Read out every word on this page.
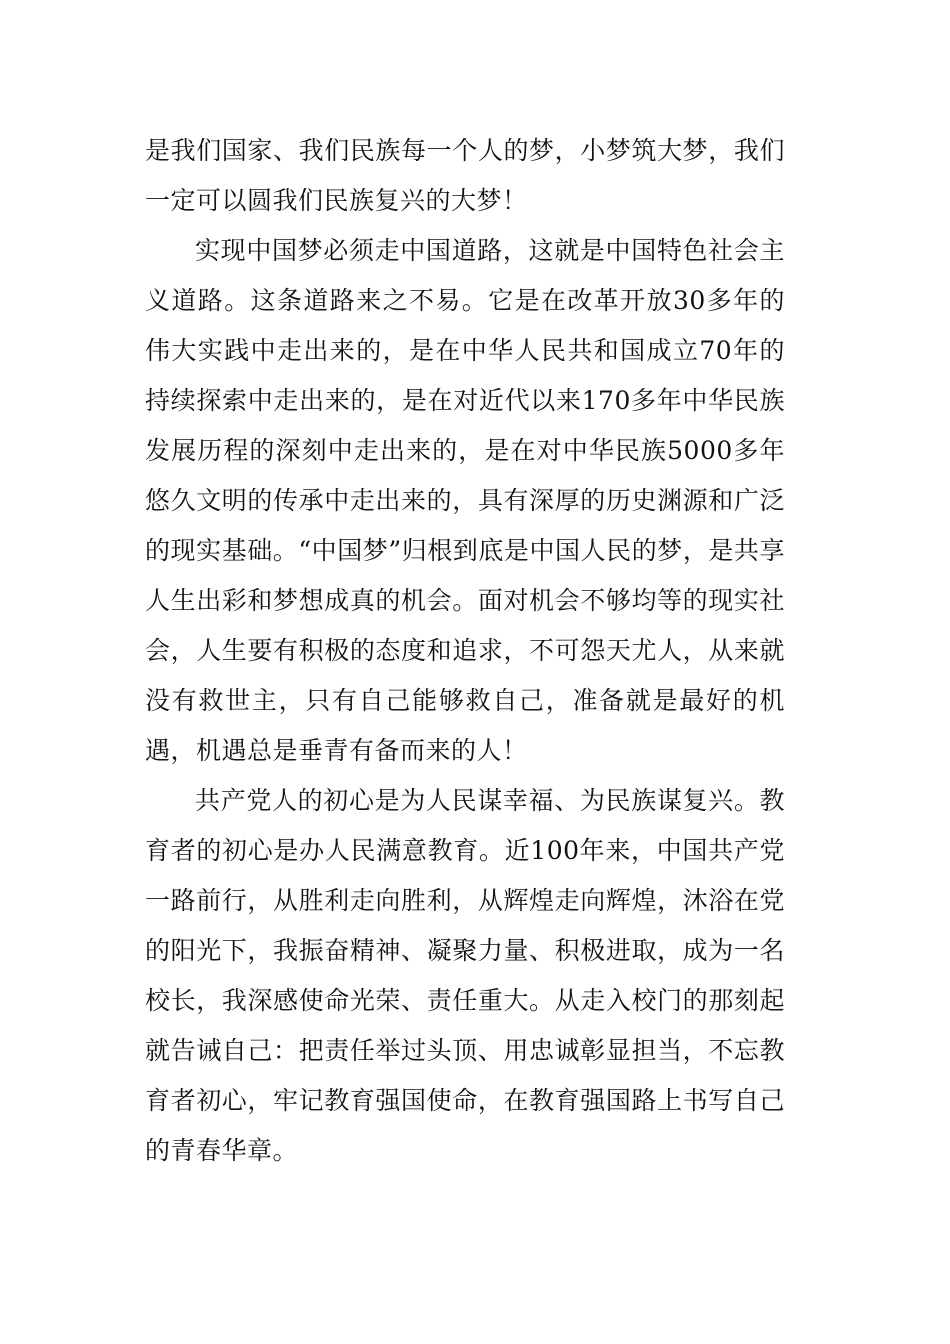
是我们国家、我们民族每一个人的梦，小梦筑大梦，我们一定可以圆我们民族复兴的大梦！

实现中国梦必须走中国道路，这就是中国特色社会主义道路。这条道路来之不易。它是在改革开放30多年的伟大实践中走出来的，是在中华人民共和国成立70年的持续探索中走出来的，是在对近代以来170多年中华民族发展历程的深刻中走出来的，是在对中华民族5000多年悠久文明的传承中走出来的，具有深厚的历史渊源和广泛的现实基础。“中国梦”归根到底是中国人民的梦，是共享人生出彩和梦想成真的机会。面对机会不够均等的现实社会，人生要有积极的态度和追求，不可怨天尤人，从来就没有救世主，只有自己能够救自己，准备就是最好的机遇，机遇总是垂青有备而来的人！

共产党人的初心是为人民谋幸福、为民族谋复兴。教育者的初心是办人民满意教育。近100年来，中国共产党一路前行，从胜利走向胜利，从辉煌走向辉煌，沐浴在党的阳光下，我振奋精神、凝聚力量、积极进取，成为一名校长，我深感使命光荣、责任重大。从走入校门的那刻起就告诫自己：把责任举过头顶、用忠诚彰显担当，不忘教育者初心，牢记教育强国使命，在教育强国路上书写自己的青春华章。
